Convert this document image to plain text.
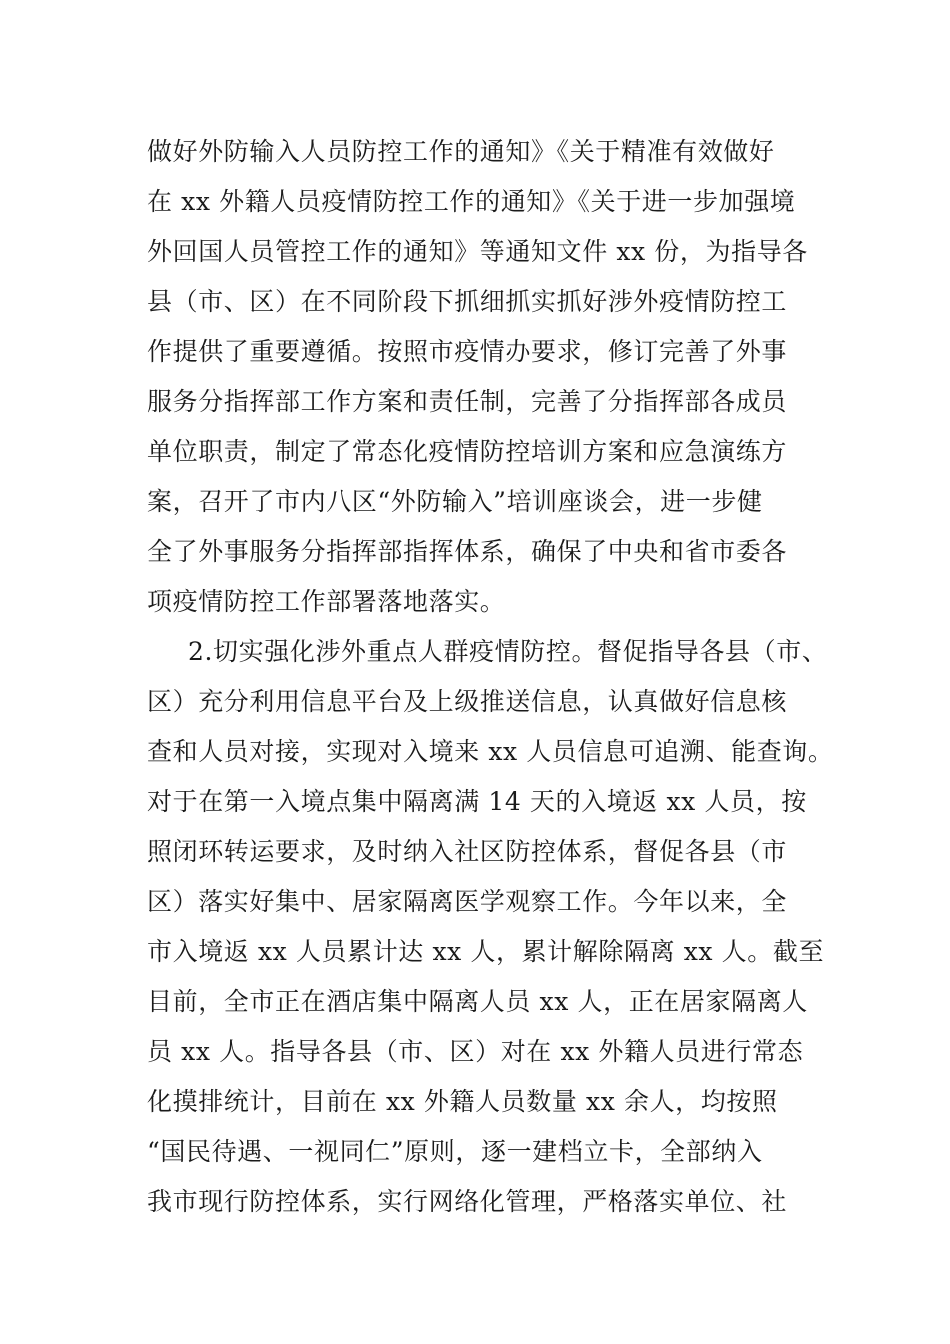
做好外防输入人员防控工作的通知》《关于精准有效做好
在 xx 外籍人员疫情防控工作的通知》《关于进一步加强境
外回国人员管控工作的通知》等通知文件 xx 份，为指导各
县（市、区）在不同阶段下抓细抓实抓好涉外疫情防控工
作提供了重要遵循。按照市疫情办要求，修订完善了外事
服务分指挥部工作方案和责任制，完善了分指挥部各成员
单位职责，制定了常态化疫情防控培训方案和应急演练方
案，召开了市内八区“外防输入”培训座谈会，进一步健
全了外事服务分指挥部指挥体系，确保了中央和省市委各
项疫情防控工作部署落地落实。
2.切实强化涉外重点人群疫情防控。督促指导各县（市、
区）充分利用信息平台及上级推送信息，认真做好信息核
查和人员对接，实现对入境来 xx 人员信息可追溯、能查询。
对于在第一入境点集中隔离满 14 天的入境返 xx 人员，按
照闭环转运要求，及时纳入社区防控体系，督促各县（市
区）落实好集中、居家隔离医学观察工作。今年以来，全
市入境返 xx 人员累计达 xx 人，累计解除隔离 xx 人。截至
目前，全市正在酒店集中隔离人员 xx 人，正在居家隔离人
员 xx 人。指导各县（市、区）对在 xx 外籍人员进行常态
化摸排统计，目前在 xx 外籍人员数量 xx 余人，均按照
“国民待遇、一视同仁”原则，逐一建档立卡，全部纳入
我市现行防控体系，实行网络化管理，严格落实单位、社
